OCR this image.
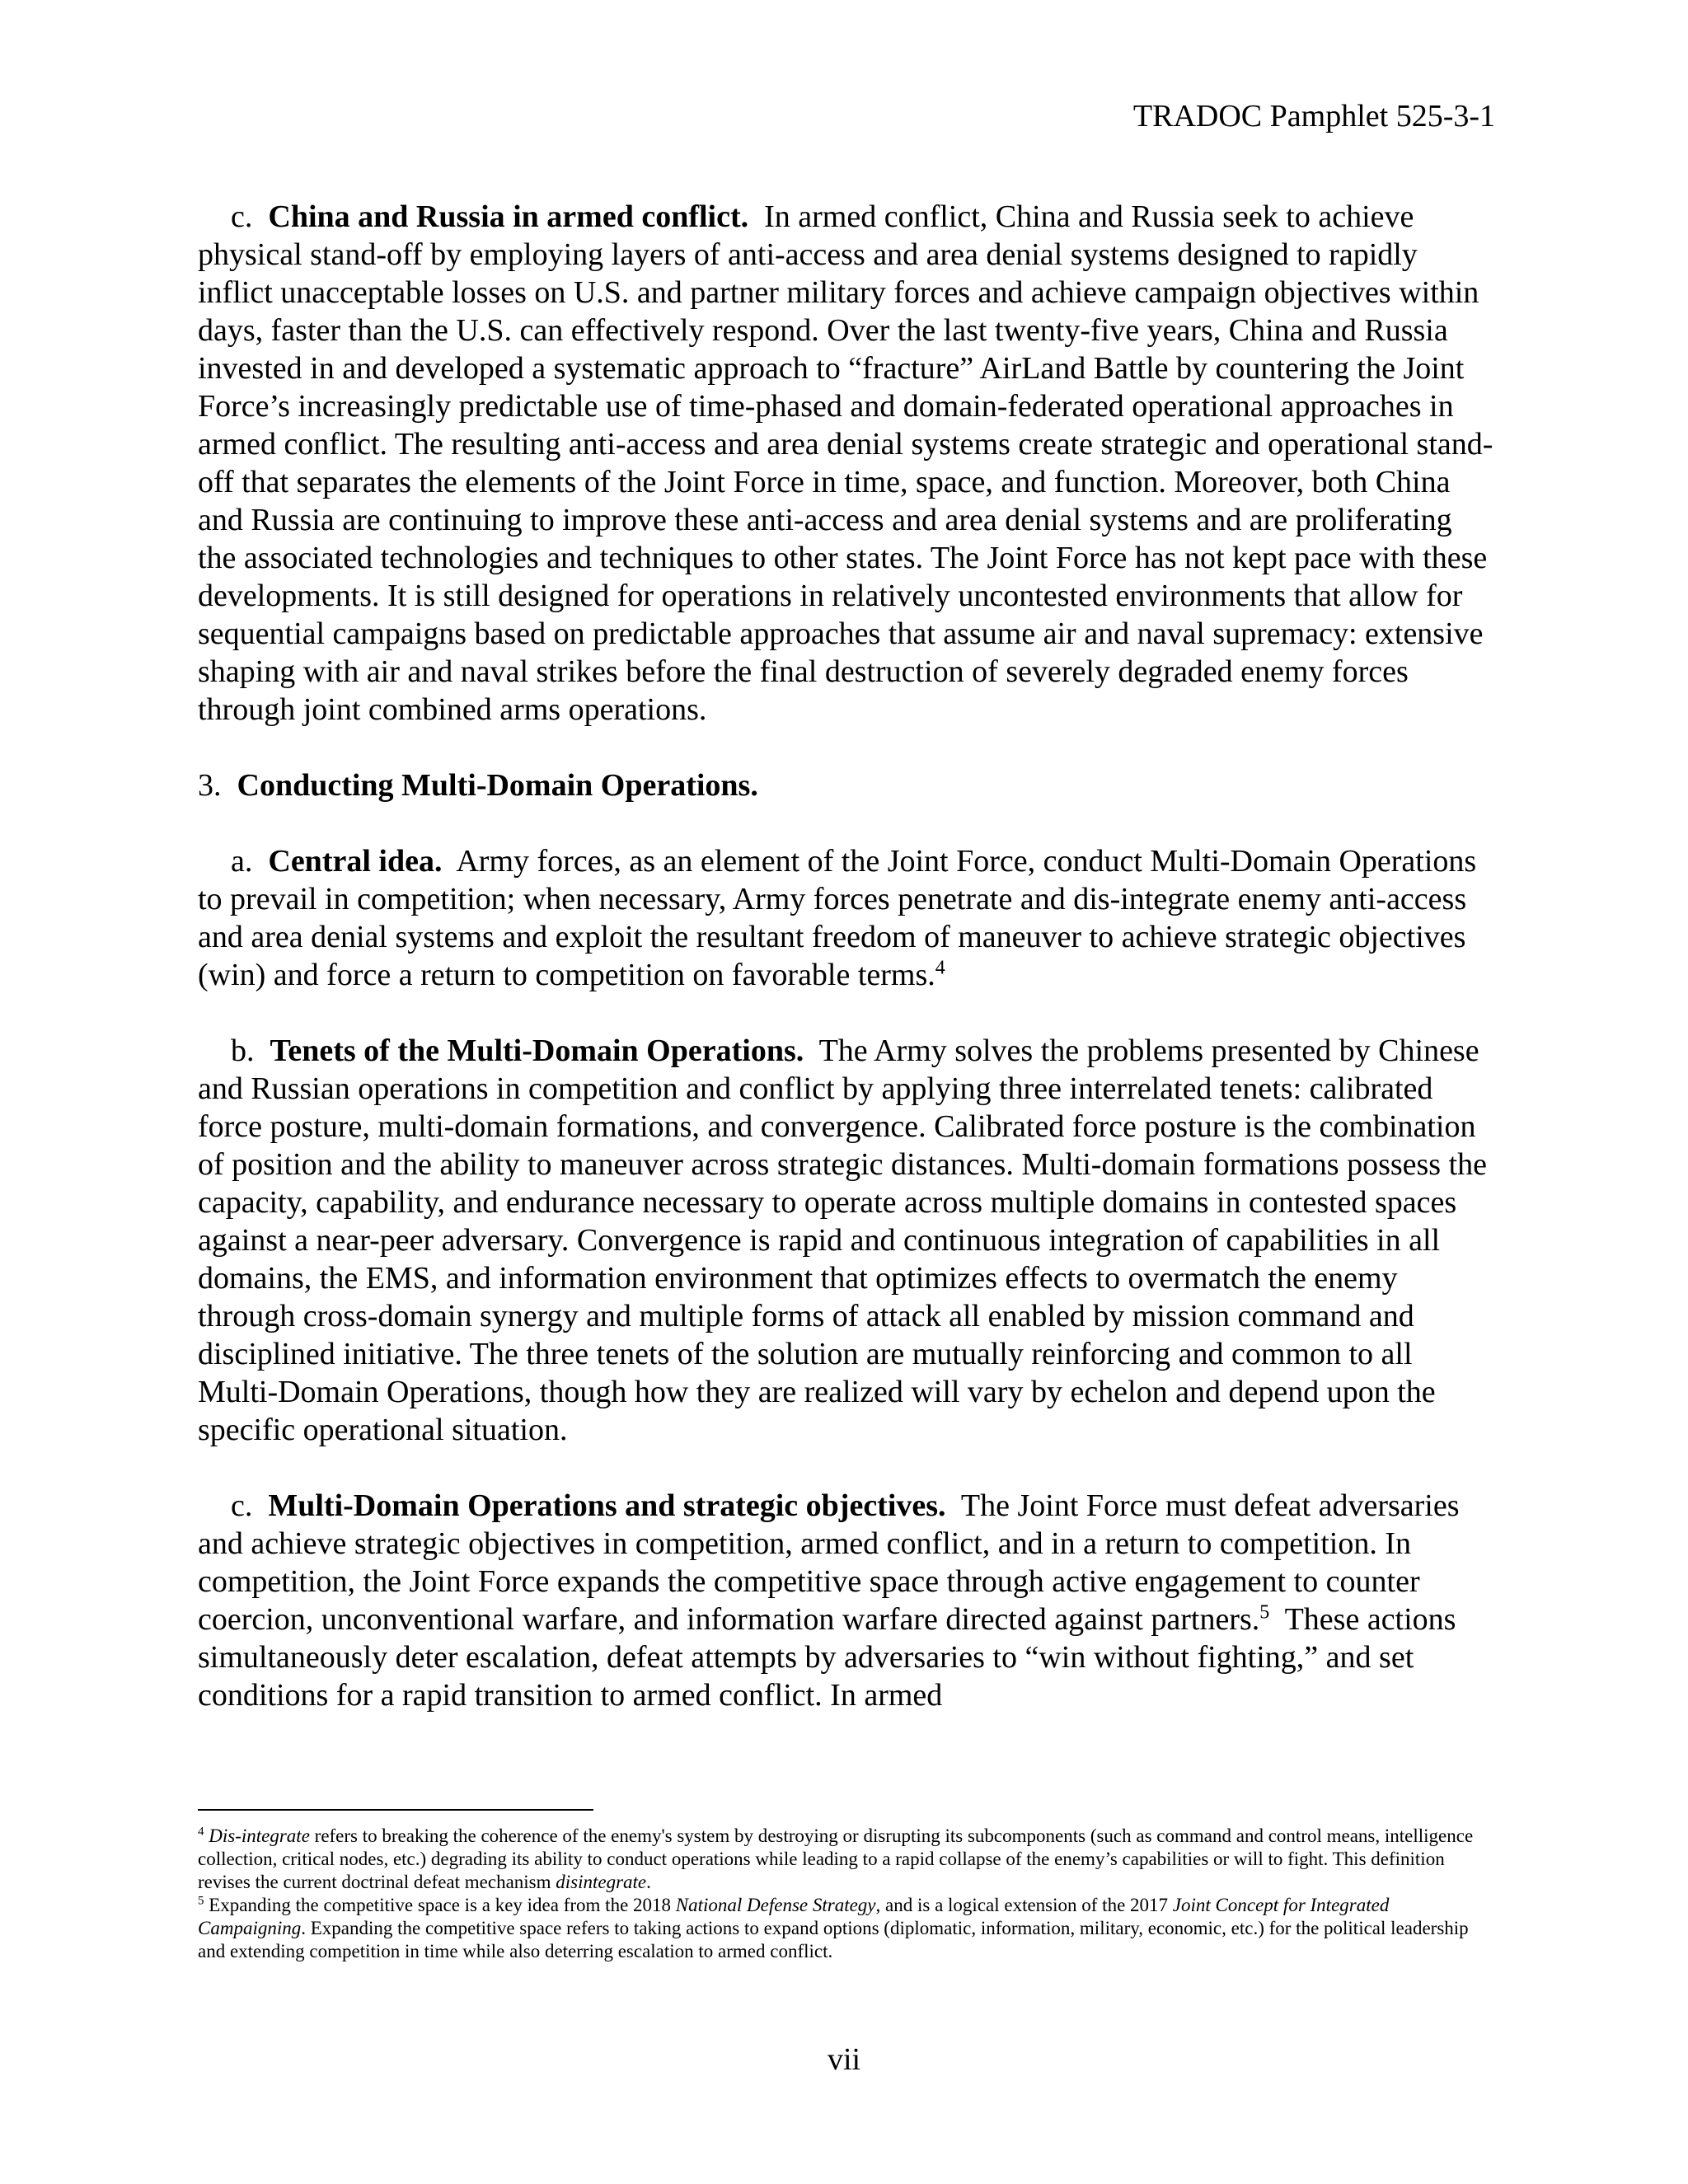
TRADOC Pamphlet 525-3-1

c. China and Russia in armed conflict. In armed conflict, China and Russia seek to achieve physical stand-off by employing layers of anti-access and area denial systems designed to rapidly inflict unacceptable losses on U.S. and partner military forces and achieve campaign objectives within days, faster than the U.S. can effectively respond. Over the last twenty-five years, China and Russia invested in and developed a systematic approach to “fracture” AirLand Battle by countering the Joint Force’s increasingly predictable use of time-phased and domain-federated operational approaches in armed conflict. The resulting anti-access and area denial systems create strategic and operational stand-off that separates the elements of the Joint Force in time, space, and function. Moreover, both China and Russia are continuing to improve these anti-access and area denial systems and are proliferating the associated technologies and techniques to other states. The Joint Force has not kept pace with these developments. It is still designed for operations in relatively uncontested environments that allow for sequential campaigns based on predictable approaches that assume air and naval supremacy: extensive shaping with air and naval strikes before the final destruction of severely degraded enemy forces through joint combined arms operations.

3. Conducting Multi-Domain Operations.

a. Central idea. Army forces, as an element of the Joint Force, conduct Multi-Domain Operations to prevail in competition; when necessary, Army forces penetrate and dis-integrate enemy anti-access and area denial systems and exploit the resultant freedom of maneuver to achieve strategic objectives (win) and force a return to competition on favorable terms.$^4$

b. Tenets of the Multi-Domain Operations. The Army solves the problems presented by Chinese and Russian operations in competition and conflict by applying three interrelated tenets: calibrated force posture, multi-domain formations, and convergence. Calibrated force posture is the combination of position and the ability to maneuver across strategic distances. Multi-domain formations possess the capacity, capability, and endurance necessary to operate across multiple domains in contested spaces against a near-peer adversary. Convergence is rapid and continuous integration of capabilities in all domains, the EMS, and information environment that optimizes effects to overmatch the enemy through cross-domain synergy and multiple forms of attack all enabled by mission command and disciplined initiative. The three tenets of the solution are mutually reinforcing and common to all Multi-Domain Operations, though how they are realized will vary by echelon and depend upon the specific operational situation.

c. Multi-Domain Operations and strategic objectives. The Joint Force must defeat adversaries and achieve strategic objectives in competition, armed conflict, and in a return to competition. In competition, the Joint Force expands the competitive space through active engagement to counter coercion, unconventional warfare, and information warfare directed against partners.$^5$ These actions simultaneously deter escalation, defeat attempts by adversaries to “win without fighting,” and set conditions for a rapid transition to armed conflict. In armed

$^4$ Dis-integrate refers to breaking the coherence of the enemy's system by destroying or disrupting its subcomponents (such as command and control means, intelligence collection, critical nodes, etc.) degrading its ability to conduct operations while leading to a rapid collapse of the enemy’s capabilities or will to fight. This definition revises the current doctrinal defeat mechanism disintegrate.

$^5$ Expanding the competitive space is a key idea from the 2018 National Defense Strategy, and is a logical extension of the 2017 Joint Concept for Integrated Campaigning. Expanding the competitive space refers to taking actions to expand options (diplomatic, information, military, economic, etc.) for the political leadership and extending competition in time while also deterring escalation to armed conflict.

vii
